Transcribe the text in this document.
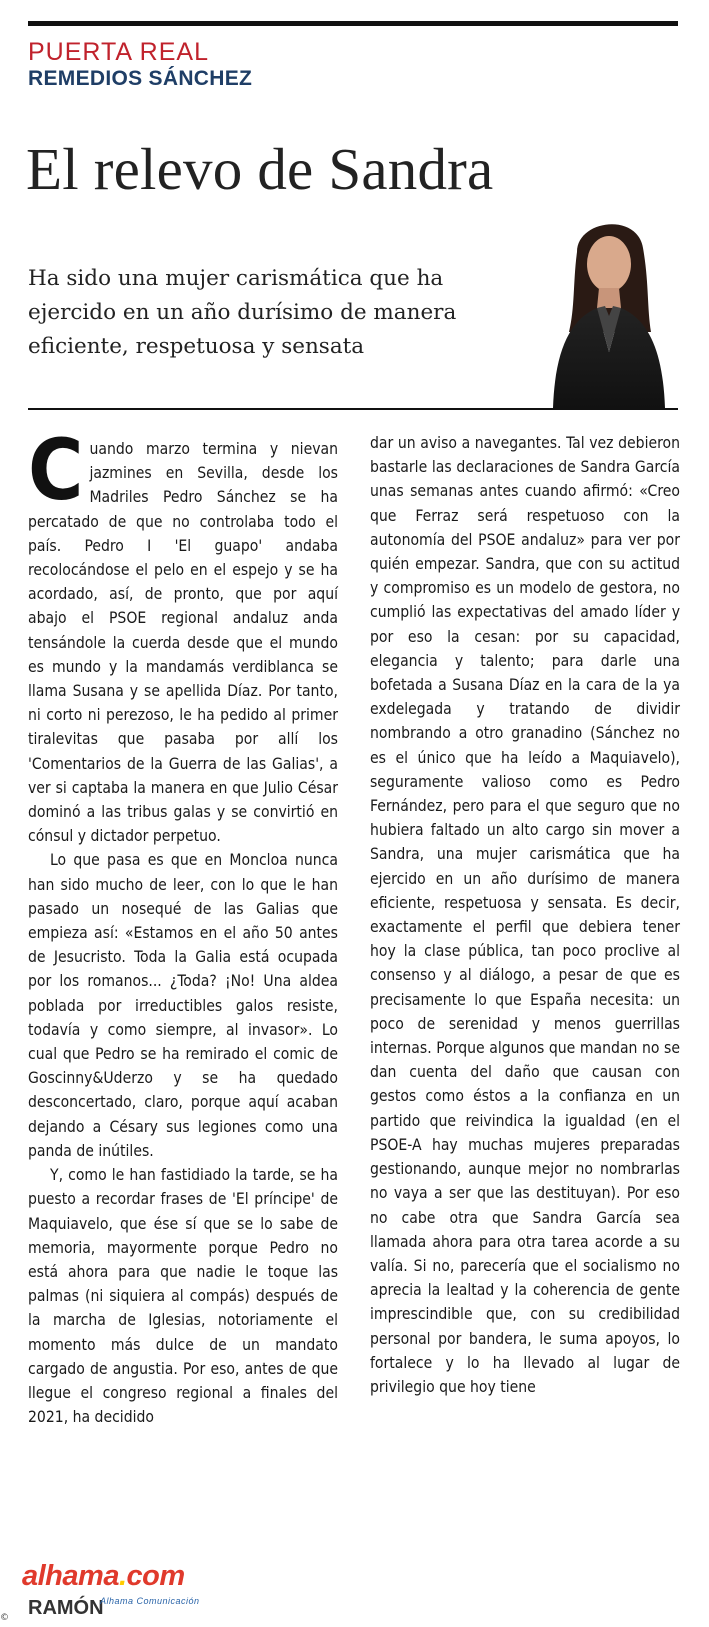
PUERTA REAL
REMEDIOS SÁNCHEZ
El relevo de Sandra
Ha sido una mujer carismática que ha ejercido en un año durísimo de manera eficiente, respetuosa y sensata

Cuando marzo termina y nievan jazmines en Sevilla, desde los Madriles Pedro Sánchez se ha percatado de que no controlaba todo el país. Pedro I 'El guapo' andaba recolocándose el pelo en el espejo y se ha acordado, así, de pronto, que por aquí abajo el PSOE regional andaluz anda tensándole la cuerda desde que el mundo es mundo y la mandamás verdiblanca se llama Susana y se apellida Díaz. Por tanto, ni corto ni perezoso, le ha pedido al primer tiralevitas que pasaba por allí los 'Comentarios de la Guerra de las Galias', a ver si captaba la manera en que Julio César dominó a las tribus galas y se convirtió en cónsul y dictador perpetuo.

Lo que pasa es que en Moncloa nunca han sido mucho de leer, con lo que le han pasado un nosequé de las Galias que empieza así: «Estamos en el año 50 antes de Jesucristo. Toda la Galia está ocupada por los romanos... ¿Toda? ¡No! Una aldea poblada por irreductibles galos resiste, todavía y como siempre, al invasor». Lo cual que Pedro se ha remirado el comic de Goscinny&Uderzo y se ha quedado desconcertado, claro, porque aquí acaban dejando a Césary sus legiones como una panda de inútiles.

Y, como le han fastidiado la tarde, se ha puesto a recordar frases de 'El príncipe' de Maquiavelo, que ése sí que se lo sabe de memoria, mayormente porque Pedro no está ahora para que nadie le toque las palmas (ni siquiera al compás) después de la marcha de Iglesias, notoriamente el momento más dulce de un mandato cargado de angustia. Por eso, antes de que llegue el congreso regional a finales del 2021, ha decidido

dar un aviso a navegantes. Tal vez debieron bastarle las declaraciones de Sandra García unas semanas antes cuando afirmó: «Creo que Ferraz será respetuoso con la autonomía del PSOE andaluz» para ver por quién empezar. Sandra, que con su actitud y compromiso es un modelo de gestora, no cumplió las expectativas del amado líder y por eso la cesan: por su capacidad, elegancia y talento; para darle una bofetada a Susana Díaz en la cara de la ya exdelegada y tratando de dividir nombrando a otro granadino (Sánchez no es el único que ha leído a Maquiavelo), seguramente valioso como es Pedro Fernández, pero para el que seguro que no hubiera faltado un alto cargo sin mover a Sandra, una mujer carismática que ha ejercido en un año durísimo de manera eficiente, respetuosa y sensata. Es decir, exactamente el perfil que debiera tener hoy la clase pública, tan poco proclive al consenso y al diálogo, a pesar de que es precisamente lo que España necesita: un poco de serenidad y menos guerrillas internas. Porque algunos que mandan no se dan cuenta del daño que causan con gestos como éstos a la confianza en un partido que reivindica la igualdad (en el PSOE-A hay muchas mujeres preparadas gestionando, aunque mejor no nombrarlas no vaya a ser que las destituyan). Por eso no cabe otra que Sandra García sea llamada ahora para otra tarea acorde a su valía. Si no, parecería que el socialismo no aprecia la lealtad y la coherencia de gente imprescindible que, con su credibilidad personal por bandera, le suma apoyos, lo fortalece y lo ha llevado al lugar de privilegio que hoy tiene

alhama.com
RAMÓN
Alhama Comunicación
©
